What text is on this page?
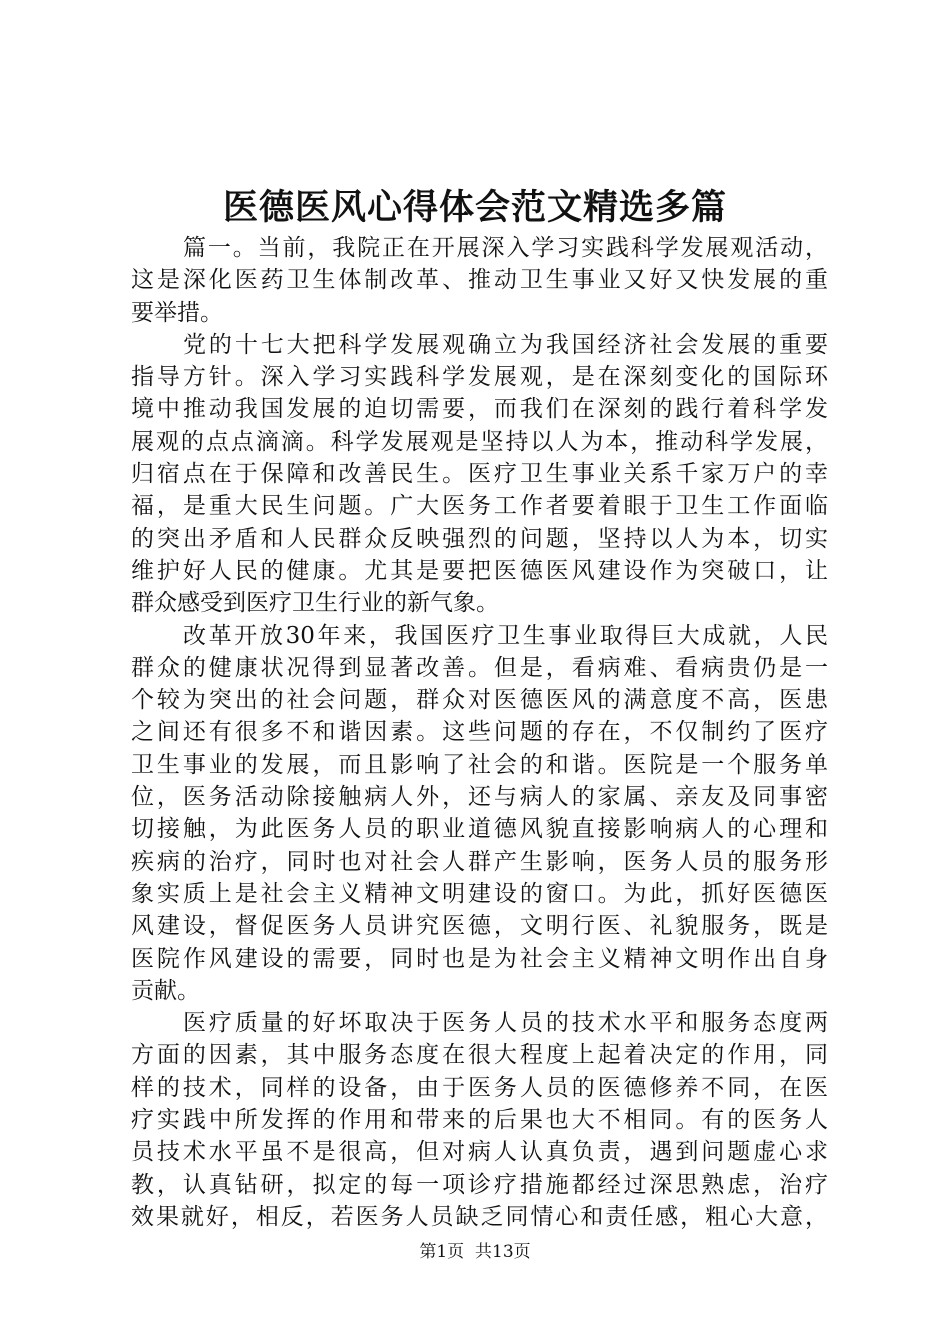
医德医风心得体会范文精选多篇
篇一。当前，我院正在开展深入学习实践科学发展观活动，
这是深化医药卫生体制改革、推动卫生事业又好又快发展的重
要举措。
党的十七大把科学发展观确立为我国经济社会发展的重要
指导方针。深入学习实践科学发展观，是在深刻变化的国际环
境中推动我国发展的迫切需要，而我们在深刻的践行着科学发
展观的点点滴滴。科学发展观是坚持以人为本，推动科学发展，
归宿点在于保障和改善民生。医疗卫生事业关系千家万户的幸
福，是重大民生问题。广大医务工作者要着眼于卫生工作面临
的突出矛盾和人民群众反映强烈的问题，坚持以人为本，切实
维护好人民的健康。尤其是要把医德医风建设作为突破口，让
群众感受到医疗卫生行业的新气象。
改革开放30年来，我国医疗卫生事业取得巨大成就，人民
群众的健康状况得到显著改善。但是，看病难、看病贵仍是一
个较为突出的社会问题，群众对医德医风的满意度不高，医患
之间还有很多不和谐因素。这些问题的存在，不仅制约了医疗
卫生事业的发展，而且影响了社会的和谐。医院是一个服务单
位，医务活动除接触病人外，还与病人的家属、亲友及同事密
切接触，为此医务人员的职业道德风貌直接影响病人的心理和
疾病的治疗，同时也对社会人群产生影响，医务人员的服务形
象实质上是社会主义精神文明建设的窗口。为此，抓好医德医
风建设，督促医务人员讲究医德，文明行医、礼貌服务，既是
医院作风建设的需要，同时也是为社会主义精神文明作出自身
贡献。
医疗质量的好坏取决于医务人员的技术水平和服务态度两
方面的因素，其中服务态度在很大程度上起着决定的作用，同
样的技术，同样的设备，由于医务人员的医德修养不同，在医
疗实践中所发挥的作用和带来的后果也大不相同。有的医务人
员技术水平虽不是很高，但对病人认真负责，遇到问题虚心求
教，认真钻研，拟定的每一项诊疗措施都经过深思熟虑，治疗
效果就好，相反，若医务人员缺乏同情心和责任感，粗心大意，
第1页 共13页
